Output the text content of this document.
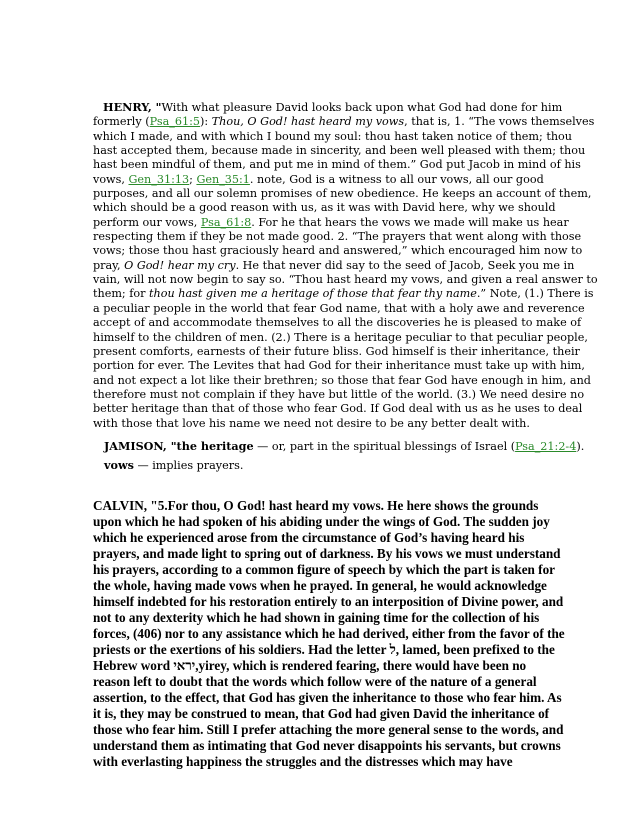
HENRY, "With what pleasure David looks back upon what God had done for him
formerly (Psa_61:5): Thou, O God! hast heard my vows, that is, 1. “The vows themselves
which I made, and with which I bound my soul: thou hast taken notice of them; thou
hast accepted them, because made in sincerity, and been well pleased with them; thou
hast been mindful of them, and put me in mind of them.” God put Jacob in mind of his
vows, Gen_31:13; Gen_35:1. note, God is a witness to all our vows, all our good
purposes, and all our solemn promises of new obedience. He keeps an account of them,
which should be a good reason with us, as it was with David here, why we should
perform our vows, Psa_61:8. For he that hears the vows we made will make us hear
respecting them if they be not made good. 2. “The prayers that went along with those
vows; those thou hast graciously heard and answered,” which encouraged him now to
pray, O God! hear my cry. He that never did say to the seed of Jacob, Seek you me in
vain, will not now begin to say so. “Thou hast heard my vows, and given a real answer to
them; for thou hast given me a heritage of those that fear thy name.” Note, (1.) There is
a peculiar people in the world that fear God name, that with a holy awe and reverence
accept of and accommodate themselves to all the discoveries he is pleased to make of
himself to the children of men. (2.) There is a heritage peculiar to that peculiar people,
present comforts, earnests of their future bliss. God himself is their inheritance, their
portion for ever. The Levites that had God for their inheritance must take up with him,
and not expect a lot like their brethren; so those that fear God have enough in him, and
therefore must not complain if they have but little of the world. (3.) We need desire no
better heritage than that of those who fear God. If God deal with us as he uses to deal
with those that love his name we need not desire to be any better dealt with.
JAMISON, "the heritage — or, part in the spiritual blessings of Israel (Psa_21:2-4).
vows — implies prayers.
CALVIN, "5.For thou, O God! hast heard my vows. He here shows the grounds
upon which he had spoken of his abiding under the wings of God. The sudden joy
which he experienced arose from the circumstance of God’s having heard his
prayers, and made light to spring out of darkness. By his vows we must understand
his prayers, according to a common figure of speech by which the part is taken for
the whole, having made vows when he prayed. In general, he would acknowledge
himself indebted for his restoration entirely to an interposition of Divine power, and
not to any dexterity which he had shown in gaining time for the collection of his
forces, (406) nor to any assistance which he had derived, either from the favor of the
priests or the exertions of his soldiers. Had the letter ל, lamed, been prefixed to the
Hebrew word יראי,yirey, which is rendered fearing, there would have been no
reason left to doubt that the words which follow were of the nature of a general
assertion, to the effect, that God has given the inheritance to those who fear him. As
it is, they may be construed to mean, that God had given David the inheritance of
those who fear him. Still I prefer attaching the more general sense to the words, and
understand them as intimating that God never disappoints his servants, but crowns
with everlasting happiness the struggles and the distresses which may have
